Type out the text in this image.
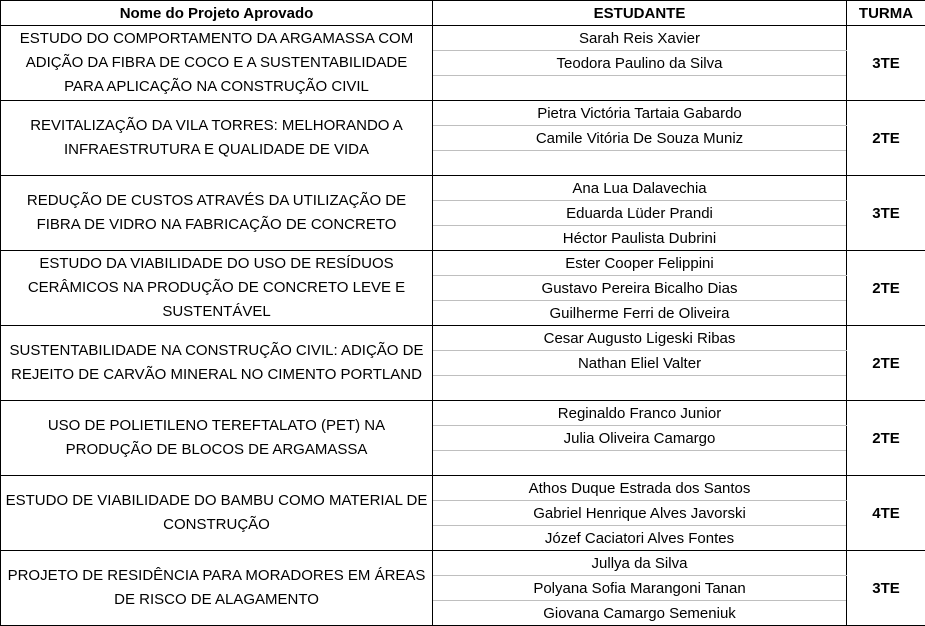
Nome do Projeto Aprovado	ESTUDANTE	TURMA
ESTUDO DO COMPORTAMENTO DA ARGAMASSA COM ADIÇÃO DA FIBRA DE COCO E A SUSTENTABILIDADE PARA APLICAÇÃO NA CONSTRUÇÃO CIVIL	Sarah Reis Xavier	3TE
	Teodora Paulino da Silva	

REVITALIZAÇÃO DA VILA TORRES: MELHORANDO A INFRAESTRUTURA E QUALIDADE DE VIDA	Pietra Victória Tartaia Gabardo	2TE
	Camile Vitória De Souza Muniz	

REDUÇÃO DE CUSTOS ATRAVÉS DA UTILIZAÇÃO DE FIBRA DE VIDRO NA FABRICAÇÃO DE CONCRETO	Ana Lua Dalavechia	3TE
	Eduarda Lüder Prandi	
	Héctor Paulista Dubrini	
ESTUDO DA VIABILIDADE DO USO DE RESÍDUOS CERÂMICOS NA PRODUÇÃO DE CONCRETO LEVE E SUSTENTÁVEL	Ester Cooper Felippini	2TE
	Gustavo Pereira Bicalho Dias	
	Guilherme Ferri de Oliveira	
SUSTENTABILIDADE NA CONSTRUÇÃO CIVIL: ADIÇÃO DE REJEITO DE CARVÃO MINERAL NO CIMENTO PORTLAND	Cesar Augusto Ligeski Ribas	2TE
	Nathan Eliel Valter	

USO DE POLIETILENO TEREFTALATO (PET) NA PRODUÇÃO DE BLOCOS DE ARGAMASSA	Reginaldo Franco Junior	2TE
	Julia Oliveira Camargo	

ESTUDO DE VIABILIDADE DO BAMBU COMO MATERIAL DE CONSTRUÇÃO	Athos Duque Estrada dos Santos	4TE
	Gabriel Henrique Alves Javorski	
	Józef Caciatori Alves Fontes	
PROJETO DE RESIDÊNCIA PARA MORADORES EM ÁREAS DE RISCO DE ALAGAMENTO	Jullya da Silva	3TE
	Polyana Sofia Marangoni Tanan	
	Giovana Camargo Semeniuk	
